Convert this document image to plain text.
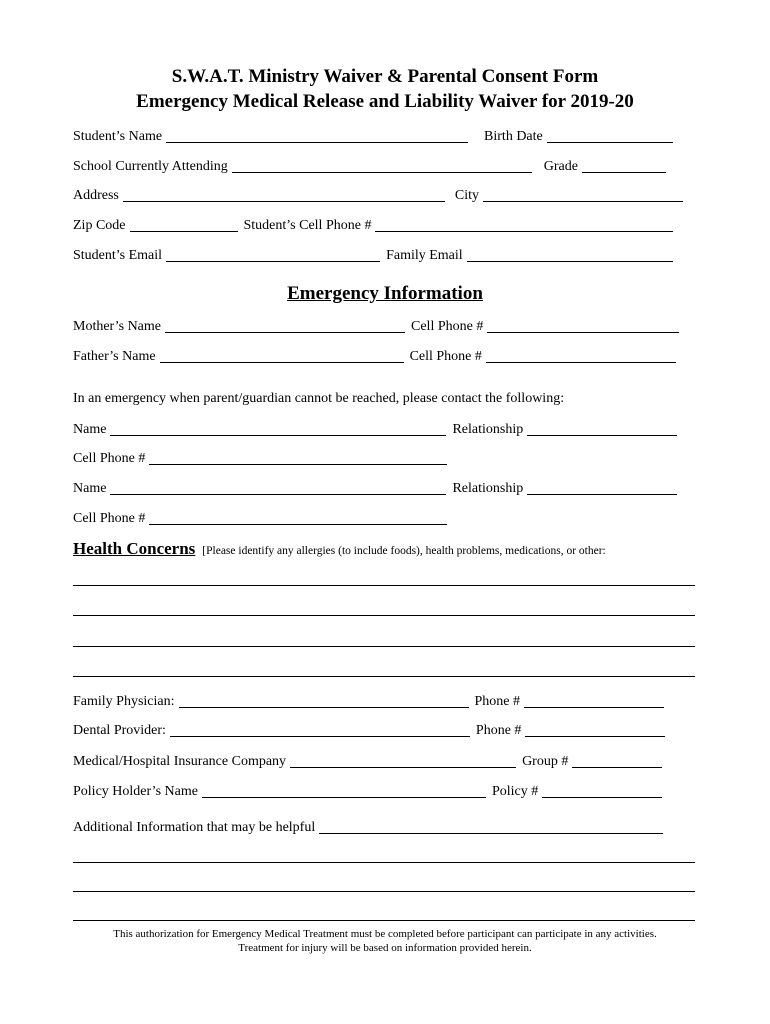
S.W.A.T. Ministry Waiver & Parental Consent Form
Emergency Medical Release and Liability Waiver for 2019-20
Student’s Name	Birth Date
School Currently Attending	Grade
Address	City
Zip Code	Student’s Cell Phone #
Student’s Email	Family Email
Emergency Information
Mother’s Name	Cell Phone #
Father’s Name	Cell Phone #
In an emergency when parent/guardian cannot be reached, please contact the following:
Name	Relationship
Cell Phone #
Name	Relationship
Cell Phone #
Health Concerns [Please identify any allergies (to include foods), health problems, medications, or other:
Family Physician:	Phone #
Dental Provider:	Phone #
Medical/Hospital Insurance Company	Group #
Policy Holder’s Name	Policy #
Additional Information that may be helpful
This authorization for Emergency Medical Treatment must be completed before participant can participate in any activities.
Treatment for injury will be based on information provided herein.
